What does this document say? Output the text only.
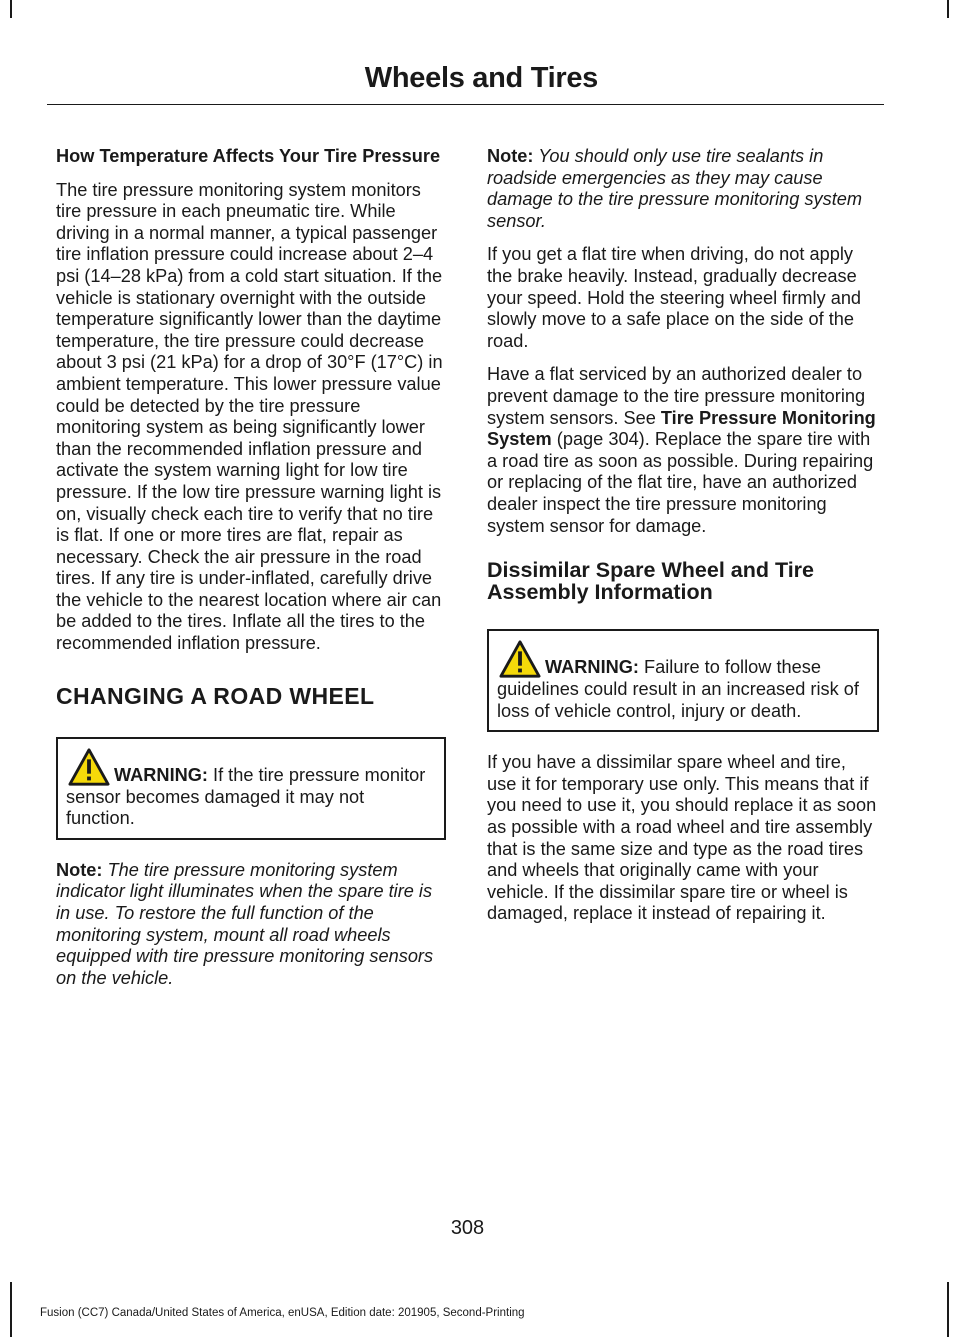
Wheels and Tires
How Temperature Affects Your Tire Pressure

The tire pressure monitoring system monitors tire pressure in each pneumatic tire. While driving in a normal manner, a typical passenger tire inflation pressure could increase about 2–4 psi (14–28 kPa) from a cold start situation. If the vehicle is stationary overnight with the outside temperature significantly lower than the daytime temperature, the tire pressure could decrease about 3 psi (21 kPa) for a drop of 30°F (17°C) in ambient temperature. This lower pressure value could be detected by the tire pressure monitoring system as being significantly lower than the recommended inflation pressure and activate the system warning light for low tire pressure. If the low tire pressure warning light is on, visually check each tire to verify that no tire is flat. If one or more tires are flat, repair as necessary. Check the air pressure in the road tires. If any tire is under-inflated, carefully drive the vehicle to the nearest location where air can be added to the tires. Inflate all the tires to the recommended inflation pressure.

CHANGING A ROAD WHEEL
WARNING: If the tire pressure monitor sensor becomes damaged it may not function.

Note: The tire pressure monitoring system indicator light illuminates when the spare tire is in use. To restore the full function of the monitoring system, mount all road wheels equipped with tire pressure monitoring sensors on the vehicle.

Note: You should only use tire sealants in roadside emergencies as they may cause damage to the tire pressure monitoring system sensor.

If you get a flat tire when driving, do not apply the brake heavily. Instead, gradually decrease your speed. Hold the steering wheel firmly and slowly move to a safe place on the side of the road.

Have a flat serviced by an authorized dealer to prevent damage to the tire pressure monitoring system sensors. See Tire Pressure Monitoring System (page 304). Replace the spare tire with a road tire as soon as possible. During repairing or replacing of the flat tire, have an authorized dealer inspect the tire pressure monitoring system sensor for damage.

Dissimilar Spare Wheel and Tire Assembly Information
WARNING: Failure to follow these guidelines could result in an increased risk of loss of vehicle control, injury or death.

If you have a dissimilar spare wheel and tire, use it for temporary use only. This means that if you need to use it, you should replace it as soon as possible with a road wheel and tire assembly that is the same size and type as the road tires and wheels that originally came with your vehicle. If the dissimilar spare tire or wheel is damaged, replace it instead of repairing it.

308
Fusion (CC7) Canada/United States of America, enUSA, Edition date: 201905, Second-Printing
